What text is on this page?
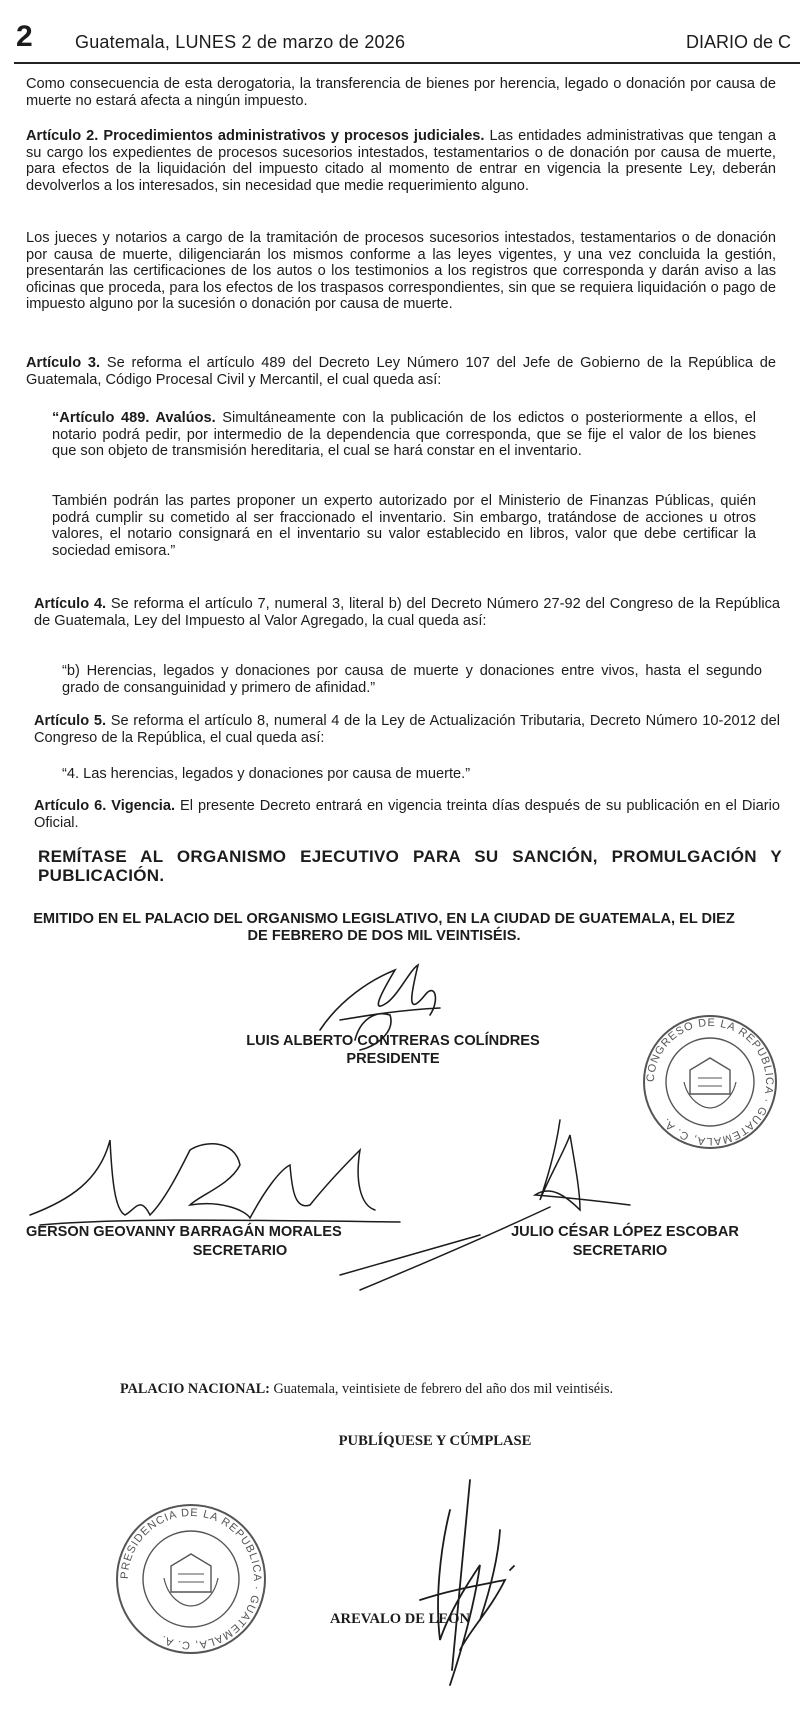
2 Guatemala, LUNES 2 de marzo de 2026	DIARIO de C
Como consecuencia de esta derogatoria, la transferencia de bienes por herencia, legado o donación por causa de muerte no estará afecta a ningún impuesto.
Artículo 2. Procedimientos administrativos y procesos judiciales. Las entidades administrativas que tengan a su cargo los expedientes de procesos sucesorios intestados, testamentarios o de donación por causa de muerte, para efectos de la liquidación del impuesto citado al momento de entrar en vigencia la presente Ley, deberán devolverlos a los interesados, sin necesidad que medie requerimiento alguno.
Los jueces y notarios a cargo de la tramitación de procesos sucesorios intestados, testamentarios o de donación por causa de muerte, diligenciarán los mismos conforme a las leyes vigentes, y una vez concluida la gestión, presentarán las certificaciones de los autos o los testimonios a los registros que corresponda y darán aviso a las oficinas que proceda, para los efectos de los traspasos correspondientes, sin que se requiera liquidación o pago de impuesto alguno por la sucesión o donación por causa de muerte.
Artículo 3. Se reforma el artículo 489 del Decreto Ley Número 107 del Jefe de Gobierno de la República de Guatemala, Código Procesal Civil y Mercantil, el cual queda así:
“Artículo 489. Avalúos. Simultáneamente con la publicación de los edictos o posteriormente a ellos, el notario podrá pedir, por intermedio de la dependencia que corresponda, que se fije el valor de los bienes que son objeto de transmisión hereditaria, el cual se hará constar en el inventario.
También podrán las partes proponer un experto autorizado por el Ministerio de Finanzas Públicas, quién podrá cumplir su cometido al ser fraccionado el inventario. Sin embargo, tratándose de acciones u otros valores, el notario consignará en el inventario su valor establecido en libros, valor que debe certificar la sociedad emisora.”
Artículo 4. Se reforma el artículo 7, numeral 3, literal b) del Decreto Número 27-92 del Congreso de la República de Guatemala, Ley del Impuesto al Valor Agregado, la cual queda así:
“b) Herencias, legados y donaciones por causa de muerte y donaciones entre vivos, hasta el segundo grado de consanguinidad y primero de afinidad.”
Artículo 5. Se reforma el artículo 8, numeral 4 de la Ley de Actualización Tributaria, Decreto Número 10-2012 del Congreso de la República, el cual queda así:
“4. Las herencias, legados y donaciones por causa de muerte.”
Artículo 6. Vigencia. El presente Decreto entrará en vigencia treinta días después de su publicación en el Diario Oficial.
REMÍTASE AL ORGANISMO EJECUTIVO PARA SU SANCIÓN, PROMULGACIÓN Y PUBLICACIÓN.
EMITIDO EN EL PALACIO DEL ORGANISMO LEGISLATIVO, EN LA CIUDAD DE GUATEMALA, EL DIEZ DE FEBRERO DE DOS MIL VEINTISÉIS.
LUIS ALBERTO CONTRERAS COLÍNDRES
PRESIDENTE
CONGRESO DE LA REPUBLICA · GUATEMALA, C. A.
GERSON GEOVANNY BARRAGÁN MORALES
SECRETARIO
JULIO CÉSAR LÓPEZ ESCOBAR
SECRETARIO
PALACIO NACIONAL: Guatemala, veintisiete de febrero del año dos mil veintiséis.
PUBLÍQUESE Y CÚMPLASE
PRESIDENCIA DE LA REPUBLICA · GUATEMALA, C. A.
AREVALO DE LEON
